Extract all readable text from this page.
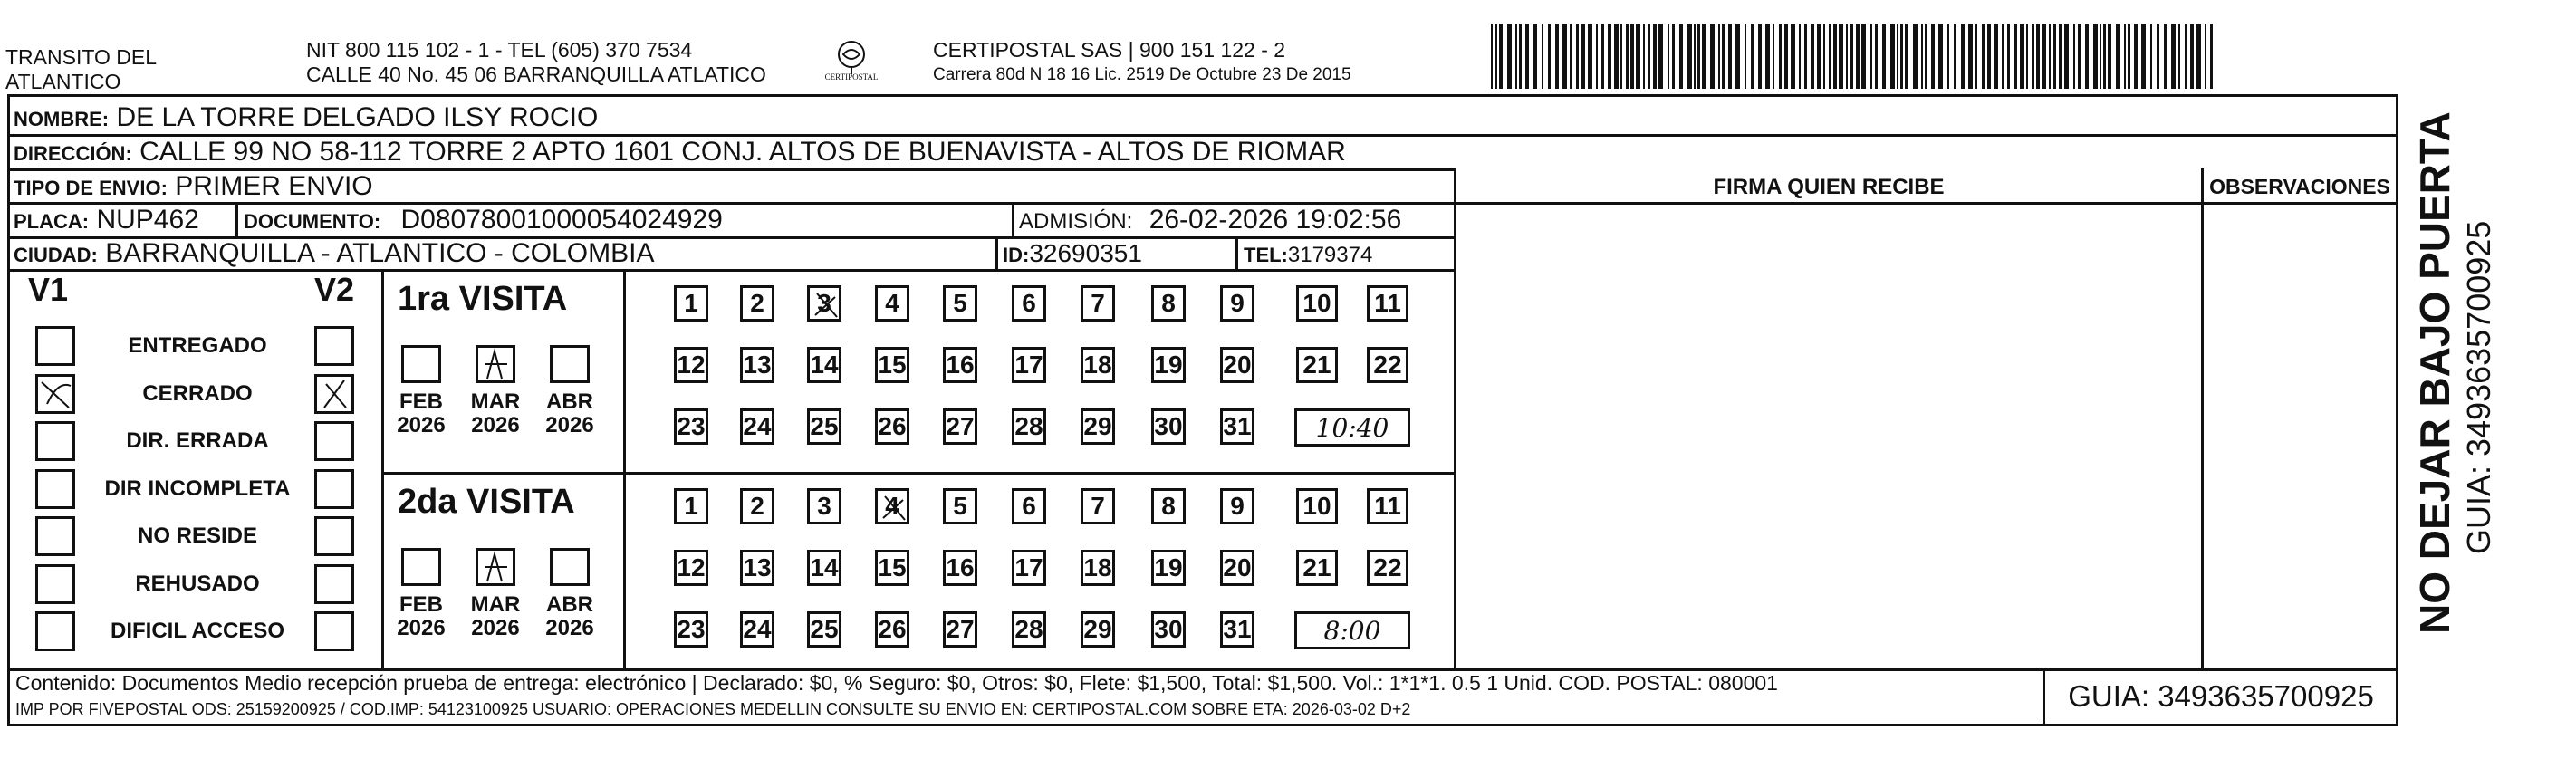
TRANSITO DEL
ATLANTICO
NIT 800 115 102 - 1 - TEL (605) 370 7534
CALLE 40 No. 45 06 BARRANQUILLA ATLATICO	CERTIPOSTAL
CERTIPOSTAL SAS | 900 151 122 - 2
Carrera 80d N 18 16 Lic. 2519 De Octubre 23 De 2015
NOMBRE: DE LA TORRE DELGADO ILSY ROCIO
DIRECCIÓN: CALLE 99 NO 58-112 TORRE 2 APTO 1601 CONJ. ALTOS DE BUENAVISTA - ALTOS DE RIOMAR
TIPO DE ENVIO: PRIMER ENVIO
PLACA: NUP462 DOCUMENTO: D08078001000054024929	ADMISIÓN: 26-02-2026 19:02:56
CIUDAD: BARRANQUILLA - ATLANTICO - COLOMBIA	ID:32690351	TEL:3179374
FIRMA QUIEN RECIBE	OBSERVACIONES
V1	V2
ENTREGADO
CERRADO
DIR. ERRADA
DIR INCOMPLETA
NO RESIDE
REHUSADO
DIFICIL ACCESO
1ra VISITA
FEB
2026
MAR
2026
ABR
2026
1 2 3 4 5 6 7 8 9 10 11
12 13 14 15 16 17 18 19 20 21 22
23 24 25 26 27 28 29 30 31	10:40
2da VISITA
FEB
2026
MAR
2026
ABR
2026
1 2 3 4 5 6 7 8 9 10 11
12 13 14 15 16 17 18 19 20 21 22
23 24 25 26 27 28 29 30 31	8:00
Contenido: Documentos Medio recepción prueba de entrega: electrónico | Declarado: $0, % Seguro: $0, Otros: $0, Flete: $1,500, Total: $1,500. Vol.: 1*1*1. 0.5 1 Unid. COD. POSTAL: 080001
IMP POR FIVEPOSTAL ODS: 25159200925 / COD.IMP: 54123100925 USUARIO: OPERACIONES MEDELLIN CONSULTE SU ENVIO EN: CERTIPOSTAL.COM SOBRE ETA: 2026-03-02 D+2	GUIA: 3493635700925
NO DEJAR BAJO PUERTA GUIA: 3493635700925
